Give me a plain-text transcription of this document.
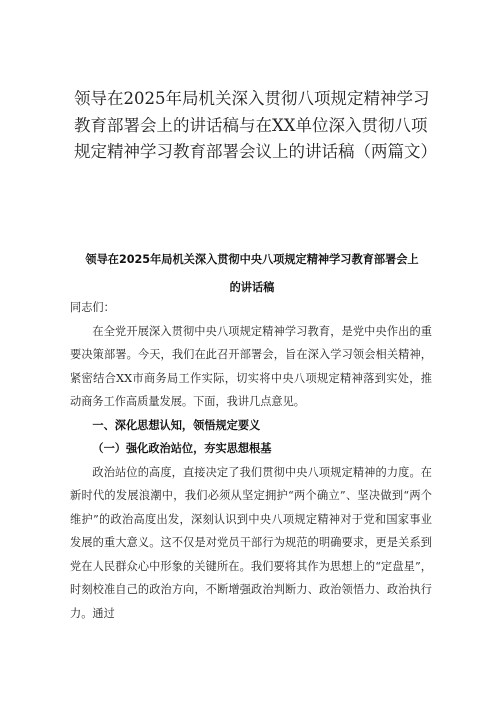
领导在2025年局机关深入贯彻八项规定精神学习教育部署会上的讲话稿与在XX单位深入贯彻八项规定精神学习教育部署会议上的讲话稿（两篇文）
领导在2025年局机关深入贯彻中央八项规定精神学习教育部署会上
的讲话稿

同志们：

在全党开展深入贯彻中央八项规定精神学习教育，是党中央作出的重要决策部署。今天，我们在此召开部署会，旨在深入学习领会相关精神，紧密结合XX市商务局工作实际，切实将中央八项规定精神落到实处，推动商务工作高质量发展。下面，我讲几点意见。

一、深化思想认知，领悟规定要义

（一）强化政治站位，夯实思想根基

政治站位的高度，直接决定了我们贯彻中央八项规定精神的力度。在新时代的发展浪潮中，我们必须从坚定拥护“两个确立”、坚决做到“两个维护”的政治高度出发，深刻认识到中央八项规定精神对于党和国家事业发展的重大意义。这不仅是对党员干部行为规范的明确要求，更是关系到党在人民群众心中形象的关键所在。我们要将其作为思想上的“定盘星”，时刻校准自己的政治方向，不断增强政治判断力、政治领悟力、政治执行力。通过
